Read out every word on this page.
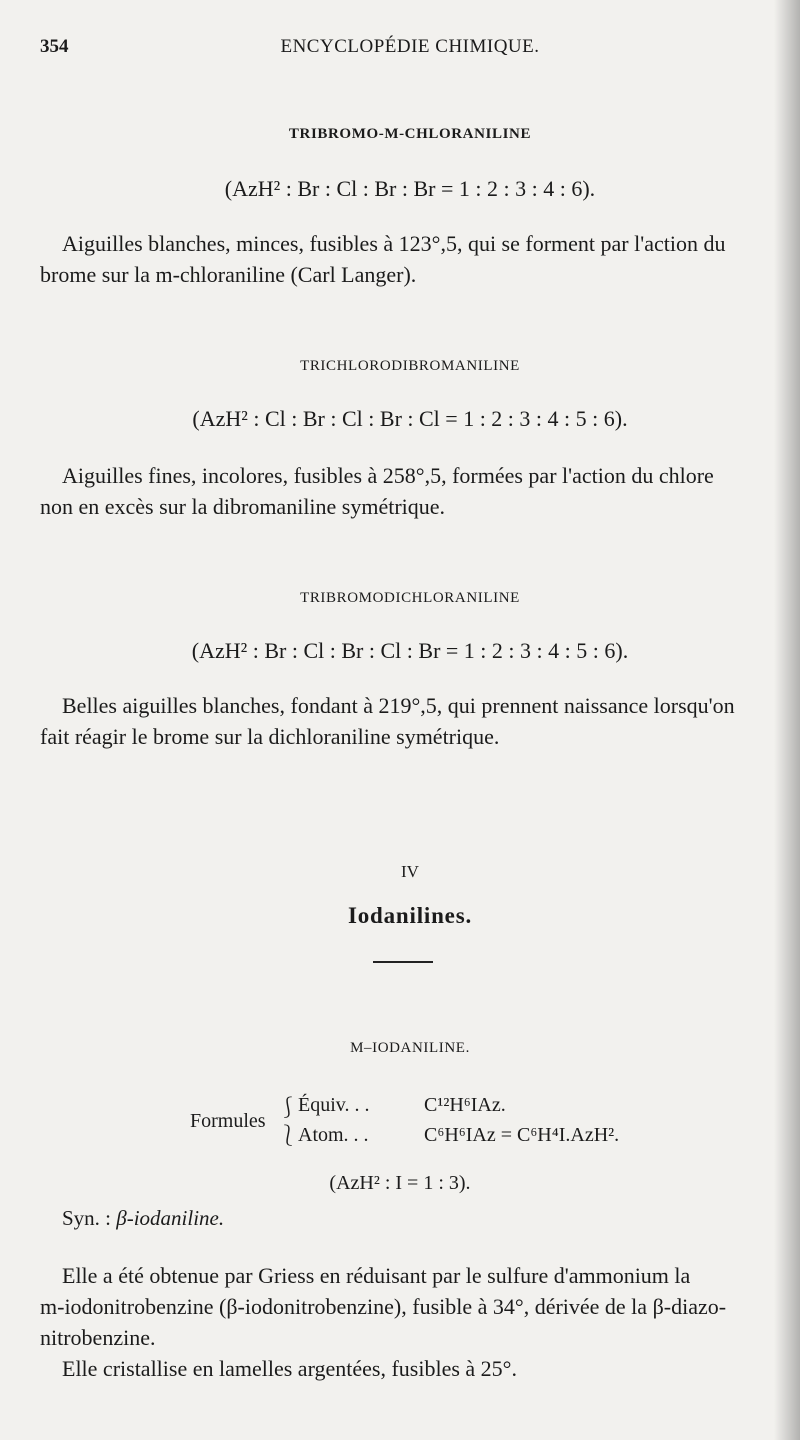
354	ENCYCLOPÉDIE CHIMIQUE.
TRIBROMO-M-CHLORANILINE
(AzH² : Br : Cl : Br : Br = 1 : 2 : 3 : 4 : 6).
Aiguilles blanches, minces, fusibles à 123°,5, qui se forment par l'action du
brome sur la m-chloraniline (Carl Langer).
TRICHLORODIBROMANILINE
(AzH² : Cl : Br : Cl : Br : Cl = 1 : 2 : 3 : 4 : 5 : 6).
Aiguilles fines, incolores, fusibles à 258°,5, formées par l'action du chlore
non en excès sur la dibromaniline symétrique.
TRIBROMODICHLORANILINE
(AzH² : Br : Cl : Br : Cl : Br = 1 : 2 : 3 : 4 : 5 : 6).
Belles aiguilles blanches, fondant à 219°,5, qui prennent naissance lorsqu'on
fait réagir le brome sur la dichloraniline symétrique.
IV
Iodanilines.
M–IODANILINE.
Formules
⎰
⎱
Équiv. . .	C¹²H⁶IAz.
Atom. . .	C⁶H⁶IAz = C⁶H⁴I.AzH².
(AzH² : I = 1 : 3).
Syn. : β-iodaniline.
Elle a été obtenue par Griess en réduisant par le sulfure d'ammonium la
m-iodonitrobenzine (β-iodonitrobenzine), fusible à 34°, dérivée de la β-diazo-
nitrobenzine.
Elle cristallise en lamelles argentées, fusibles à 25°.
